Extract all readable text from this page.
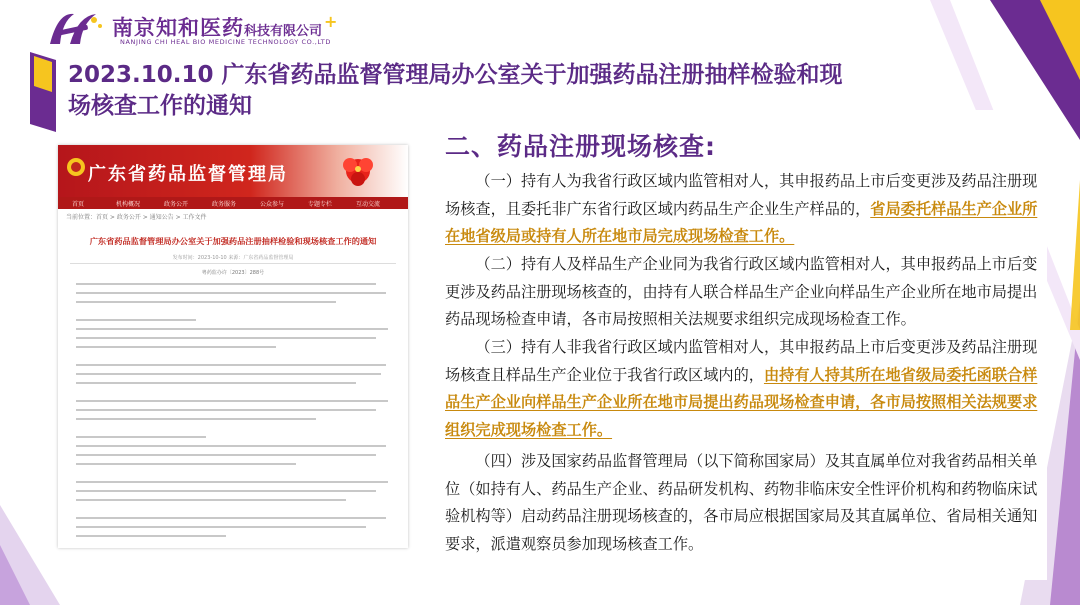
南京知和医药科技有限公司+
NANJING CHI HEAL BIO MEDICINE TECHNOLOGY CO.,LTD
2023.10.10 广东省药品监督管理局办公室关于加强药品注册抽样检验和现场核查工作的通知
广东省药品监督管理局
首页	机构概况	政务公开	政务服务	公众参与	专题专栏	互动交流
当前位置：首页 > 政务公开 > 通知公告 > 工作文件
广东省药品监督管理局办公室关于加强药品注册抽样检验和现场核查工作的通知
发布时间：2023-10-10 来源：广东省药品监督管理局
粤药监办许〔2023〕288号
二、药品注册现场核查:

（一）持有人为我省行政区域内监管相对人，其申报药品上市后变更涉及药品注册现场核查，且委托非广东省行政区域内药品生产企业生产样品的，省局委托样品生产企业所在地省级局或持有人所在地市局完成现场检查工作。

（二）持有人及样品生产企业同为我省行政区域内监管相对人，其申报药品上市后变更涉及药品注册现场核查的，由持有人联合样品生产企业向样品生产企业所在地市局提出药品现场检查申请，各市局按照相关法规要求组织完成现场检查工作。

（三）持有人非我省行政区域内监管相对人，其申报药品上市后变更涉及药品注册现场核查且样品生产企业位于我省行政区域内的，由持有人持其所在地省级局委托函联合样品生产企业向样品生产企业所在地市局提出药品现场检查申请，各市局按照相关法规要求组织完成现场检查工作。

（四）涉及国家药品监督管理局（以下简称国家局）及其直属单位对我省药品相关单位（如持有人、药品生产企业、药品研发机构、药物非临床安全性评价机构和药物临床试验机构等）启动药品注册现场核查的，各市局应根据国家局及其直属单位、省局相关通知要求，派遣观察员参加现场核查工作。
